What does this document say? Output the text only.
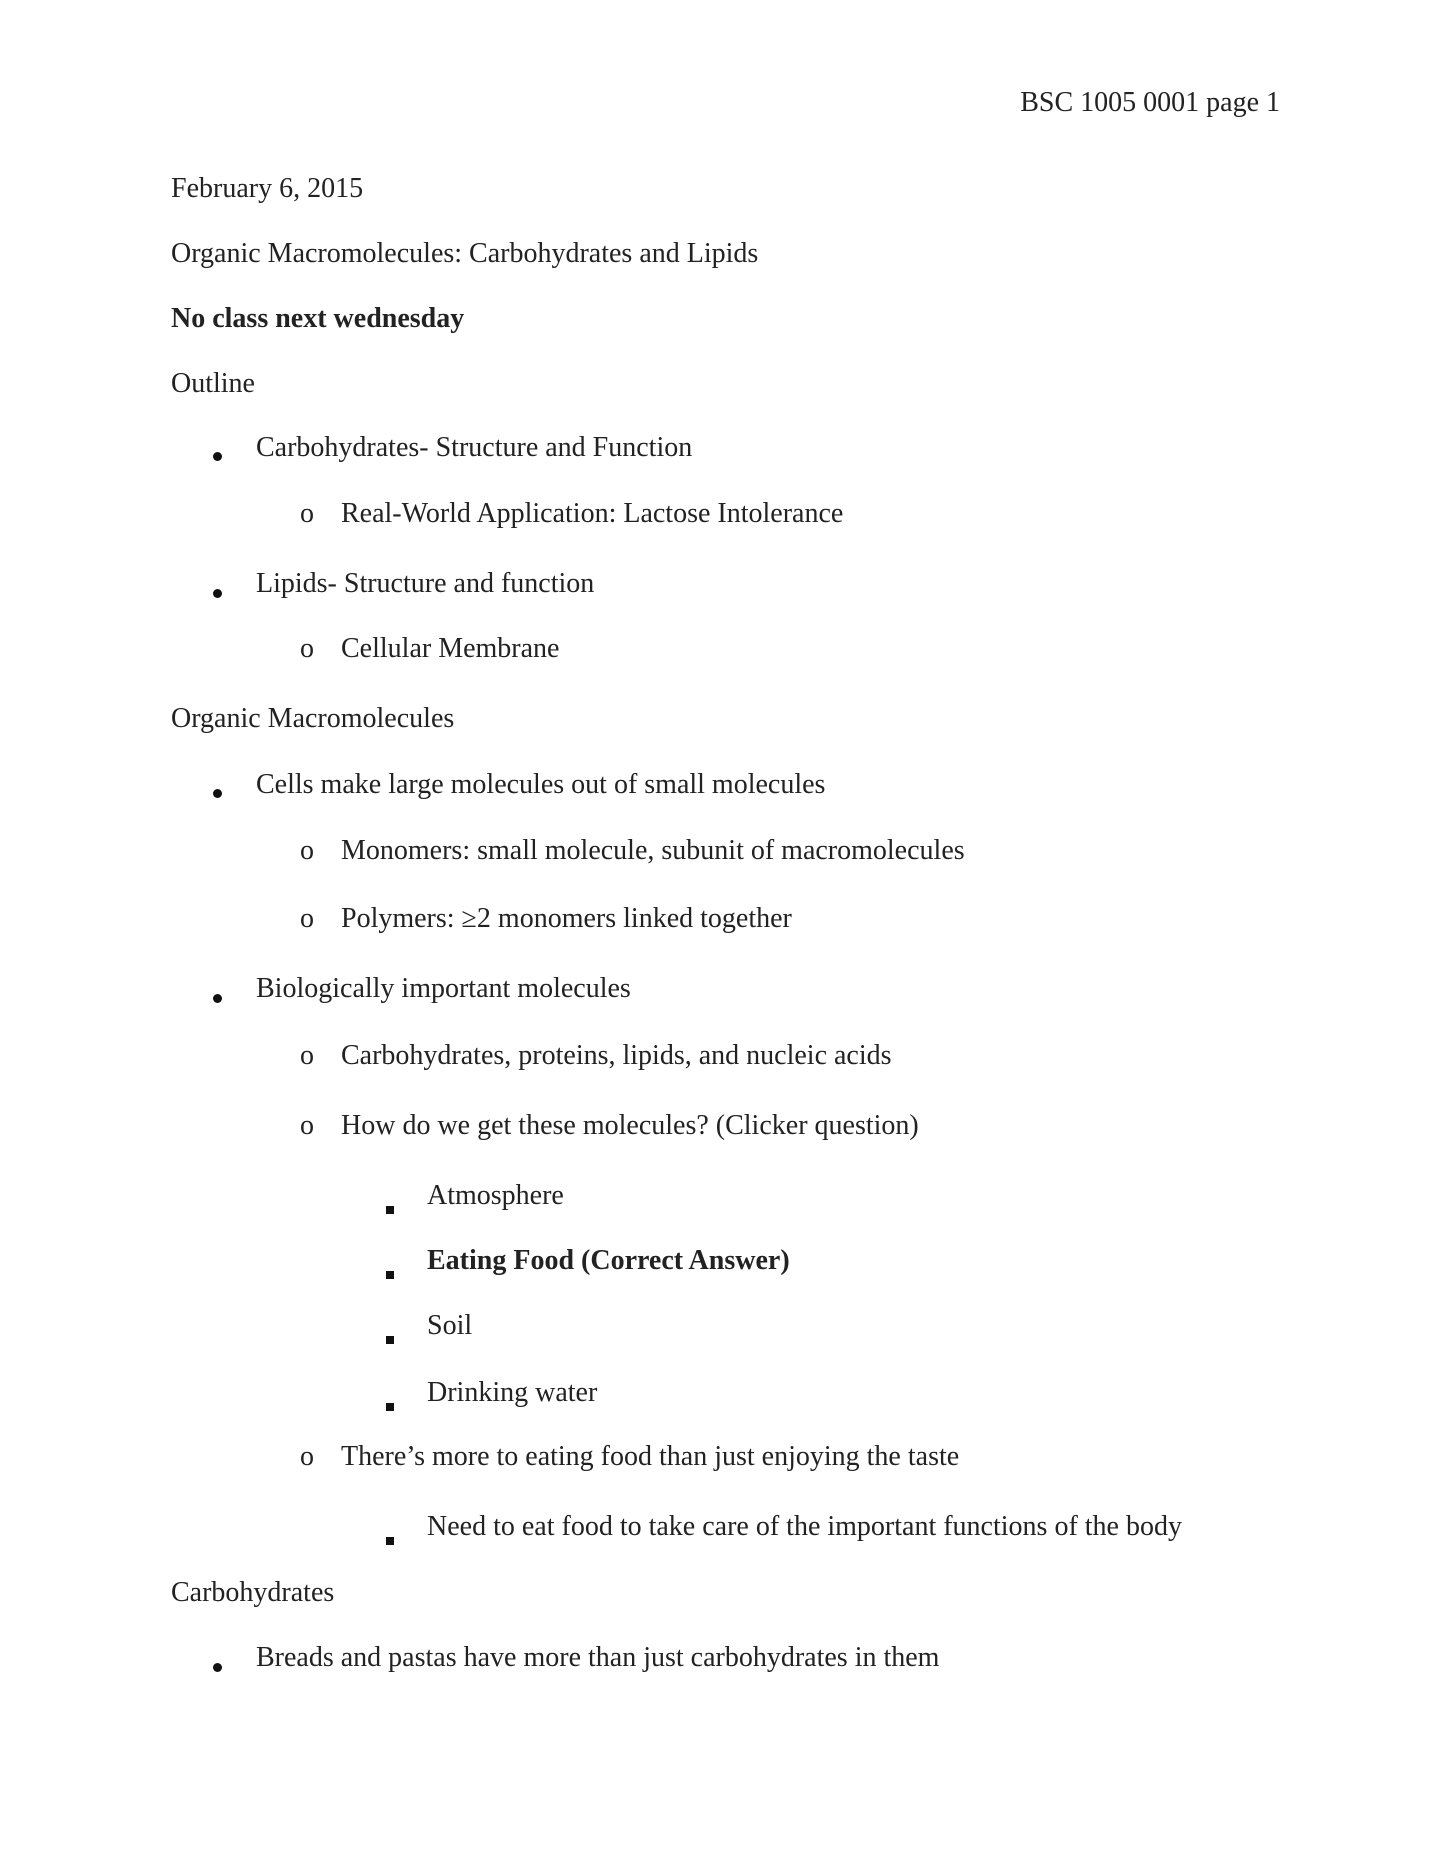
BSC 1005 0001 page 1
February 6, 2015
Organic Macromolecules: Carbohydrates and Lipids
No class next wednesday
Outline
Carbohydrates- Structure and Function
o Real-World Application: Lactose Intolerance
Lipids- Structure and function
o Cellular Membrane
Organic Macromolecules
Cells make large molecules out of small molecules
o Monomers: small molecule, subunit of macromolecules
o Polymers: ≥2 monomers linked together
Biologically important molecules
o Carbohydrates, proteins, lipids, and nucleic acids
o How do we get these molecules? (Clicker question)
Atmosphere
Eating Food (Correct Answer)
Soil
Drinking water
o There’s more to eating food than just enjoying the taste
Need to eat food to take care of the important functions of the body
Carbohydrates
Breads and pastas have more than just carbohydrates in them
